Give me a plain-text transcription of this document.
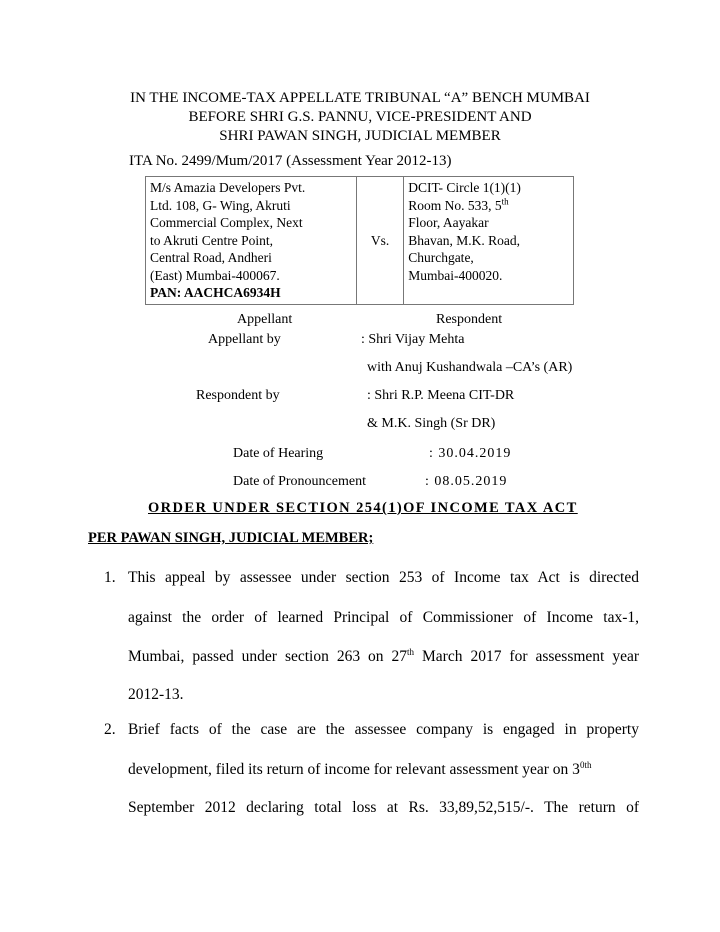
IN THE INCOME-TAX APPELLATE TRIBUNAL “A” BENCH MUMBAI
BEFORE SHRI G.S. PANNU, VICE-PRESIDENT AND
SHRI PAWAN SINGH, JUDICIAL MEMBER
ITA No. 2499/Mum/2017 (Assessment Year 2012-13)
M/s Amazia Developers Pvt.
Ltd. 108, G- Wing, Akruti
Commercial Complex, Next
to Akruti Centre Point,
Central Road, Andheri
(East) Mumbai-400067.
PAN: AACHCA6934H
	Vs.	
DCIT- Circle 1(1)(1)
Room No. 533, 5th
Floor, Aayakar
Bhavan, M.K. Road,
Churchgate,
Mumbai-400020.
Appellant	Respondent
Appellant by	: Shri Vijay Mehta
with Anuj Kushandwala –CA’s (AR)
Respondent by	: Shri R.P. Meena CIT-DR
& M.K. Singh (Sr DR)
Date of Hearing	: 30.04.2019
Date of Pronouncement	: 08.05.2019
ORDER UNDER SECTION 254(1)OF INCOME TAX ACT
PER PAWAN SINGH, JUDICIAL MEMBER;
1. This appeal by assessee under section 253 of Income tax Act is directed
against the order of learned Principal of Commissioner of Income tax-1,
Mumbai, passed under section 263 on 27th March 2017 for assessment year
2012-13.
2. Brief facts of the case are the assessee company is engaged in property
development, filed its return of income for relevant assessment year on $3^{0th}$
September 2012 declaring total loss at Rs. 33,89,52,515/-. The return of
